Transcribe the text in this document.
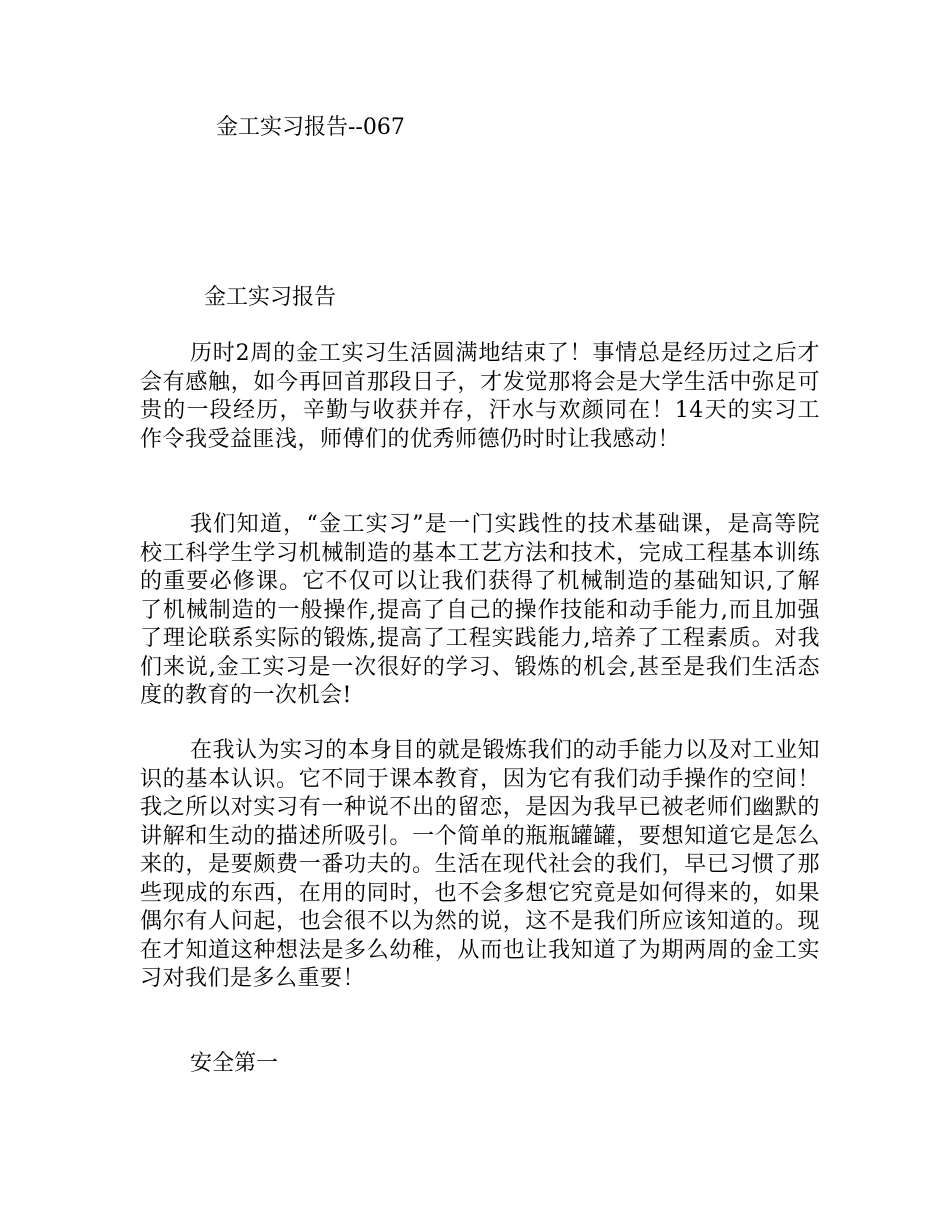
金工实习报告--067
金工实习报告

历时2周的金工实习生活圆满地结束了！事情总是经历过之后才会有感触，如今再回首那段日子，才发觉那将会是大学生活中弥足可贵的一段经历，辛勤与收获并存，汗水与欢颜同在！14天的实习工作令我受益匪浅，师傅们的优秀师德仍时时让我感动！

我们知道，“金工实习”是一门实践性的技术基础课，是高等院校工科学生学习机械制造的基本工艺方法和技术，完成工程基本训练的重要必修课。它不仅可以让我们获得了机械制造的基础知识,了解了机械制造的一般操作,提高了自己的操作技能和动手能力,而且加强了理论联系实际的锻炼,提高了工程实践能力,培养了工程素质。对我们来说,金工实习是一次很好的学习、锻炼的机会,甚至是我们生活态度的教育的一次机会!

在我认为实习的本身目的就是锻炼我们的动手能力以及对工业知识的基本认识。它不同于课本教育，因为它有我们动手操作的空间！我之所以对实习有一种说不出的留恋，是因为我早已被老师们幽默的讲解和生动的描述所吸引。一个简单的瓶瓶罐罐，要想知道它是怎么来的，是要颇费一番功夫的。生活在现代社会的我们，早已习惯了那些现成的东西，在用的同时，也不会多想它究竟是如何得来的，如果偶尔有人问起，也会很不以为然的说，这不是我们所应该知道的。现在才知道这种想法是多么幼稚，从而也让我知道了为期两周的金工实习对我们是多么重要！

安全第一
